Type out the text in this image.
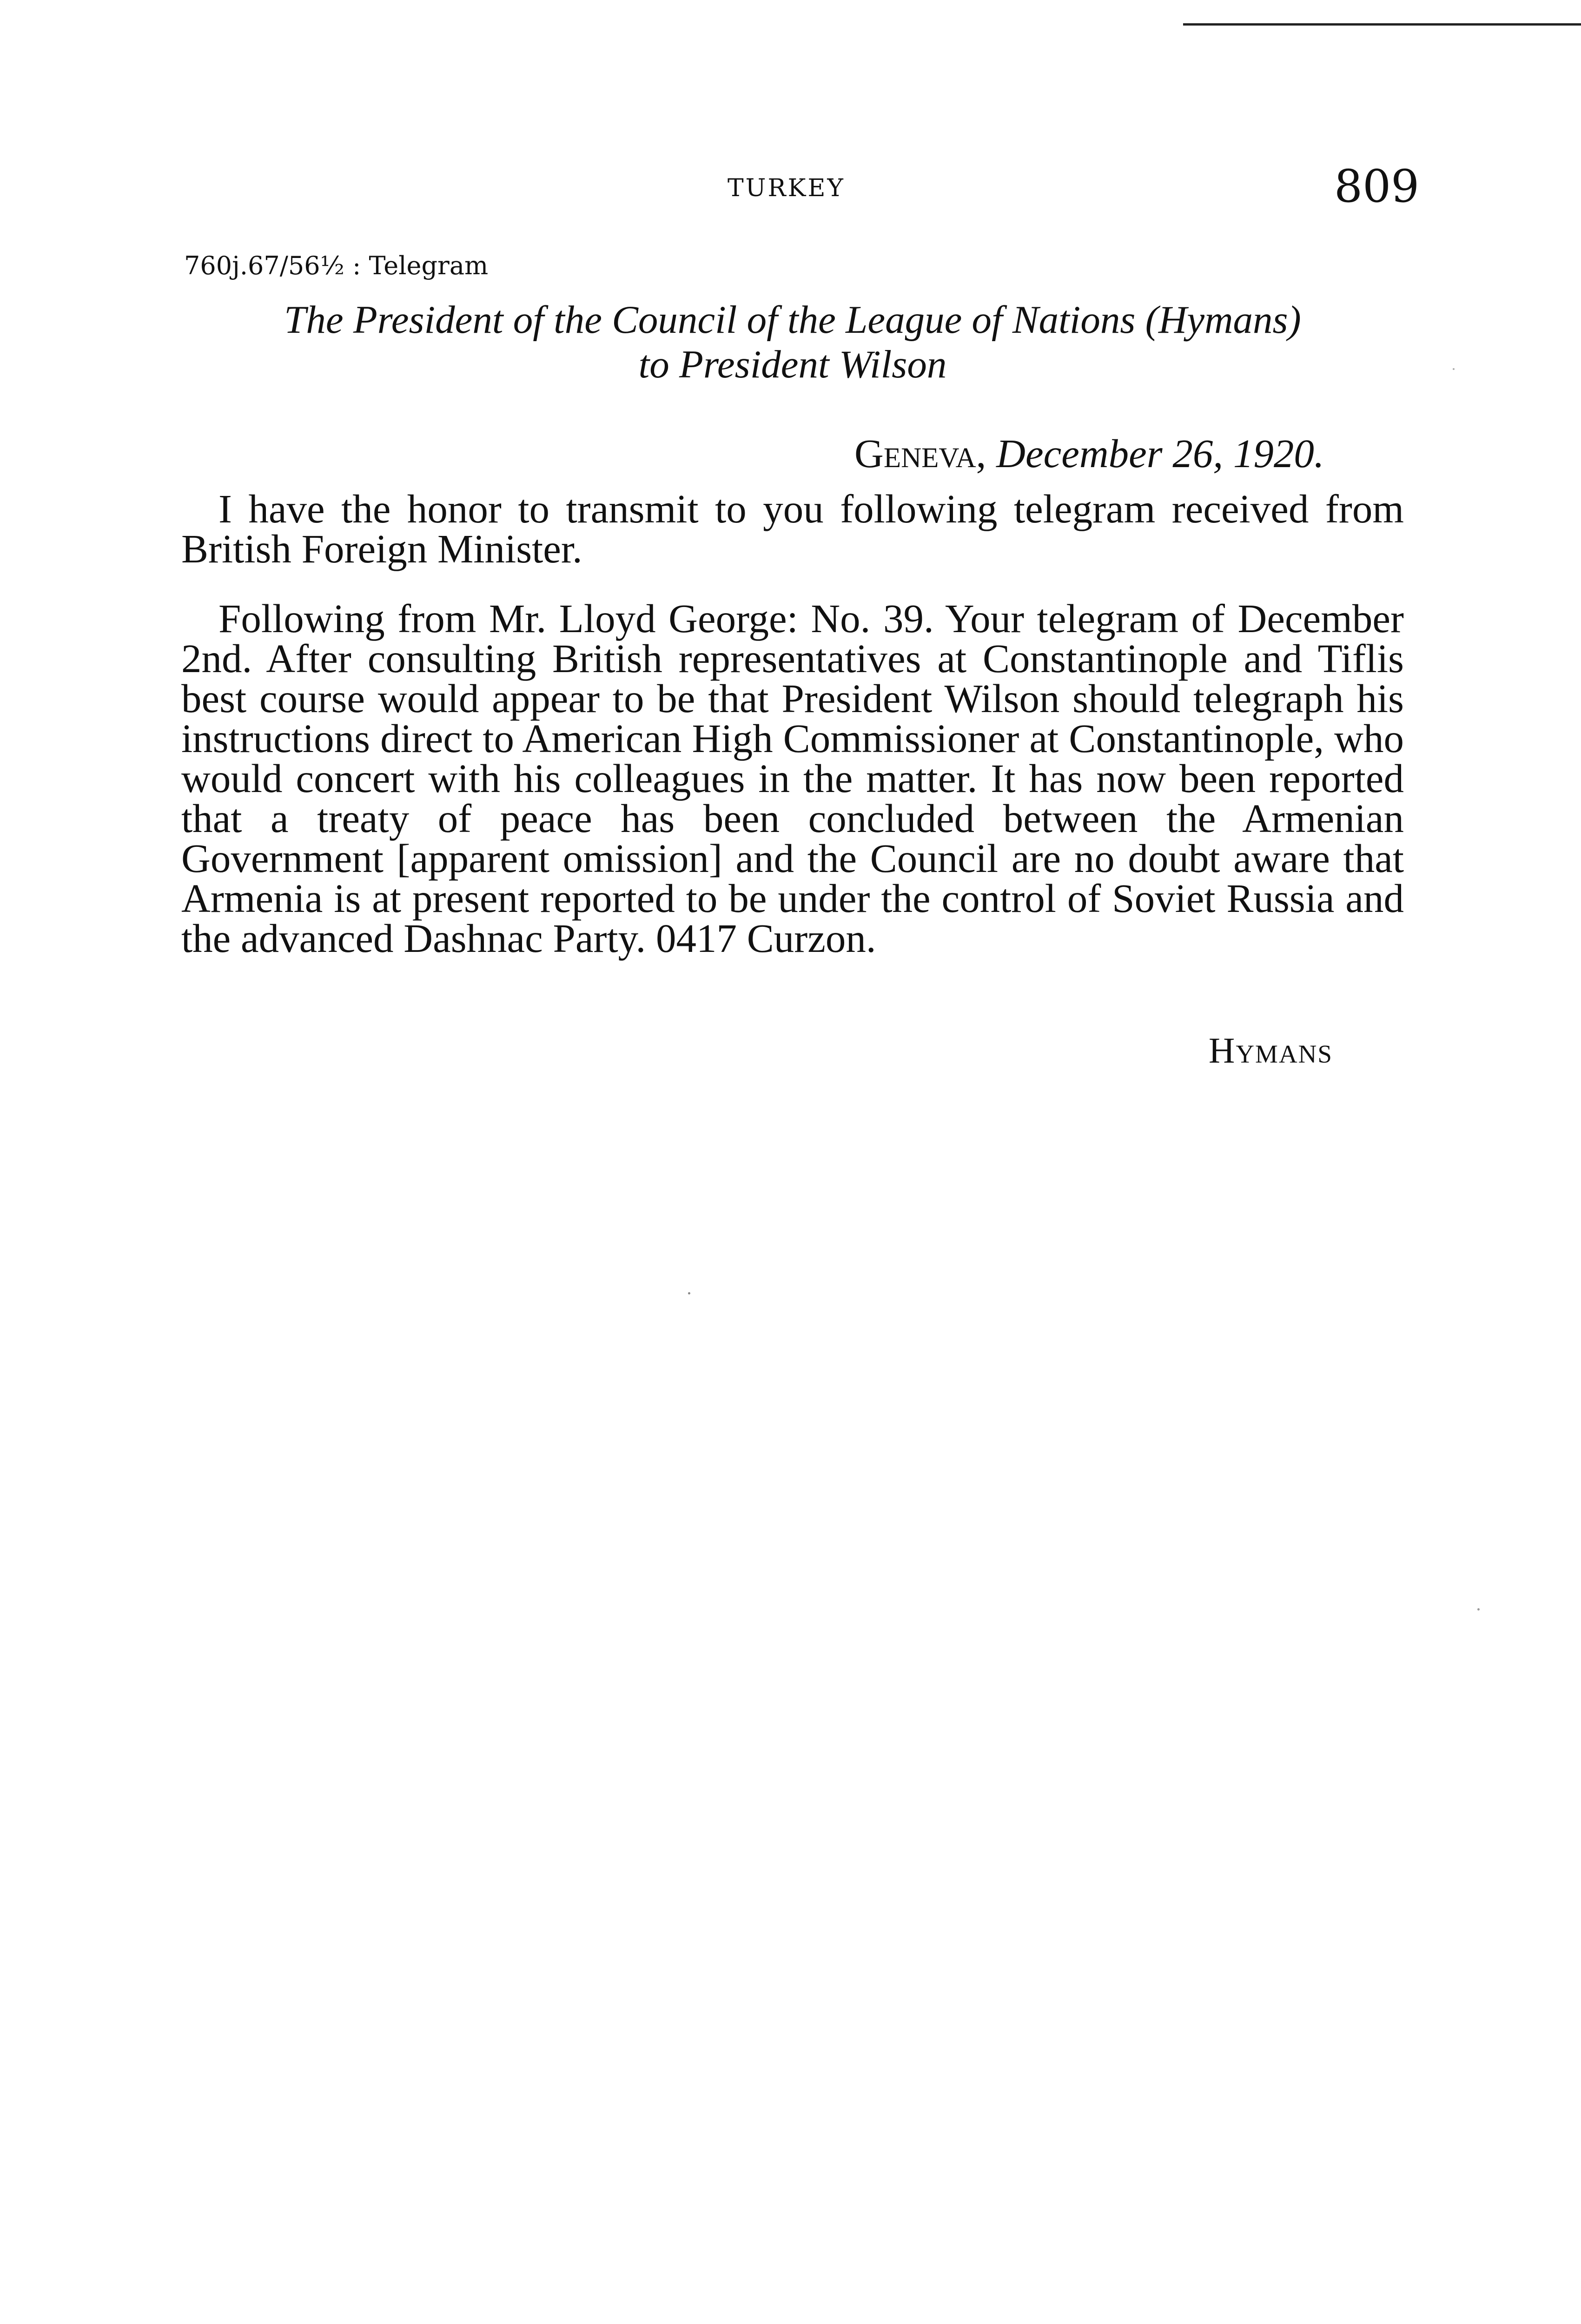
TURKEY	809
760j.67/56½ : Telegram
The President of the Council of the League of Nations (Hymans)
to President Wilson
Geneva, December 26, 1920.

I have the honor to transmit to you following telegram received from British Foreign Minister.

Following from Mr. Lloyd George: No. 39. Your telegram of December 2nd. After consulting British representatives at Constantinople and Tiflis best course would appear to be that President Wilson should telegraph his instructions direct to American High Commissioner at Constantinople, who would concert with his colleagues in the matter. It has now been reported that a treaty of peace has been concluded between the Armenian Government [apparent omission] and the Council are no doubt aware that Armenia is at present reported to be under the control of Soviet Russia and the advanced Dashnac Party. 0417 Curzon.

Hymans
